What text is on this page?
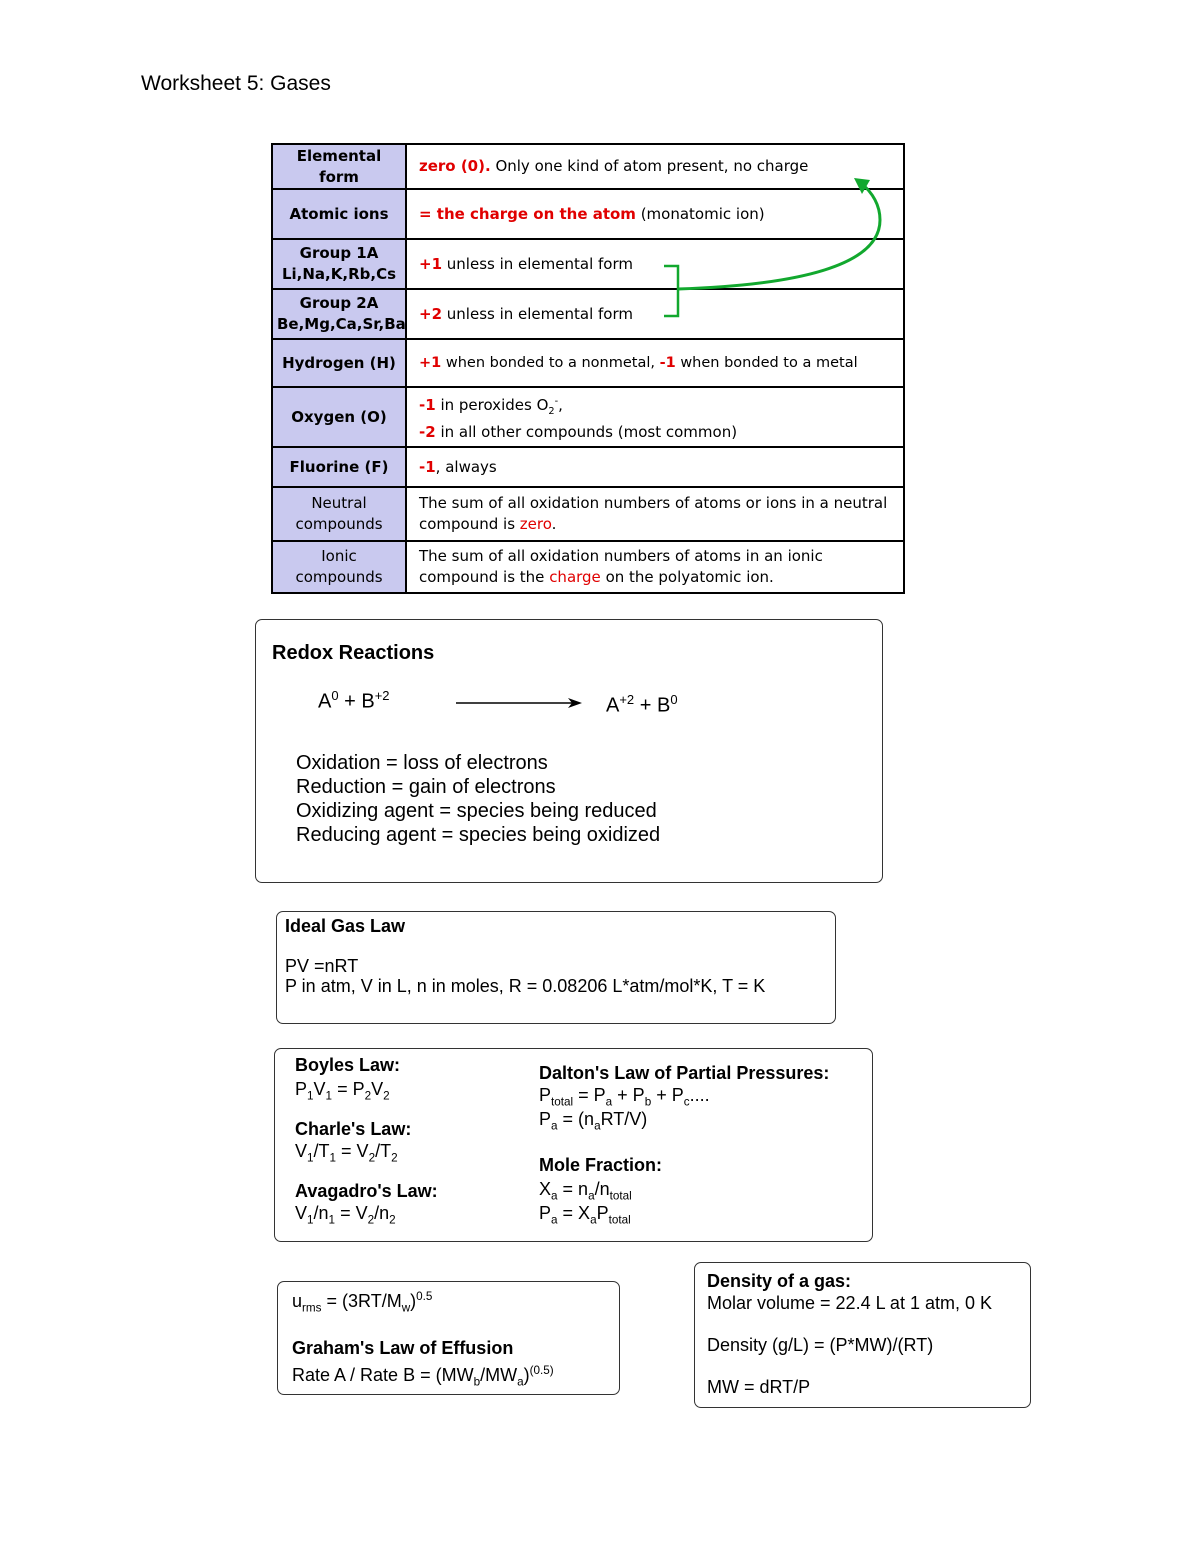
Worksheet 5: Gases
Elemental form	zero (0). Only one kind of atom present, no charge
Atomic ions	= the charge on the atom (monatomic ion)

Group 1A
Li,Na,K,Rb,Cs	+1 unless in elemental form

Group 2A
Be,Mg,Ca,Sr,Ba	+2 unless in elemental form
Hydrogen (H)	+1 when bonded to a nonmetal, -1 when bonded to a metal
Oxygen (O)	-1 in peroxides $O_2^-$,
-2 in all other compounds (most common)

Fluorine (F)	-1, always
Neutral compounds	The sum of all oxidation numbers of atoms or ions in a neutral compound is zero.
Ionic compounds	The sum of all oxidation numbers of atoms in an ionic compound is the charge on the polyatomic ion.
Redox Reactions
$A^0 + B^{+2}$	$A^{+2} + B^0$
Oxidation = loss of electrons
Reduction = gain of electrons
Oxidizing agent = species being reduced
Reducing agent = species being oxidized
Ideal Gas Law
PV =nRT
P in atm, V in L, n in moles, R = 0.08206 L*atm/mol*K, T = K
Boyles Law:
$P_1V_1 = P_2V_2$
Charle's Law:
$V_1/T_1 = V_2/T_2$
Avagadro's Law:
$V_1/n_1 = V_2/n_2$
Dalton's Law of Partial Pressures:
$P_{total} = P_a + P_b + P_c$....
$P_a = (n_aRT/V)$
Mole Fraction:
$X_a = n_a/n_{total}$
$P_a = X_aP_{total}$
$u_{rms} = (3RT/M_w)^{0.5}$
Graham's Law of Effusion
Rate A / Rate $B = (MW_b/MW_a)^{(0.5)}$
Density of a gas:
Molar volume = 22.4 L at 1 atm, 0 K
Density (g/L) = (P*MW)/(RT)
MW = dRT/P
